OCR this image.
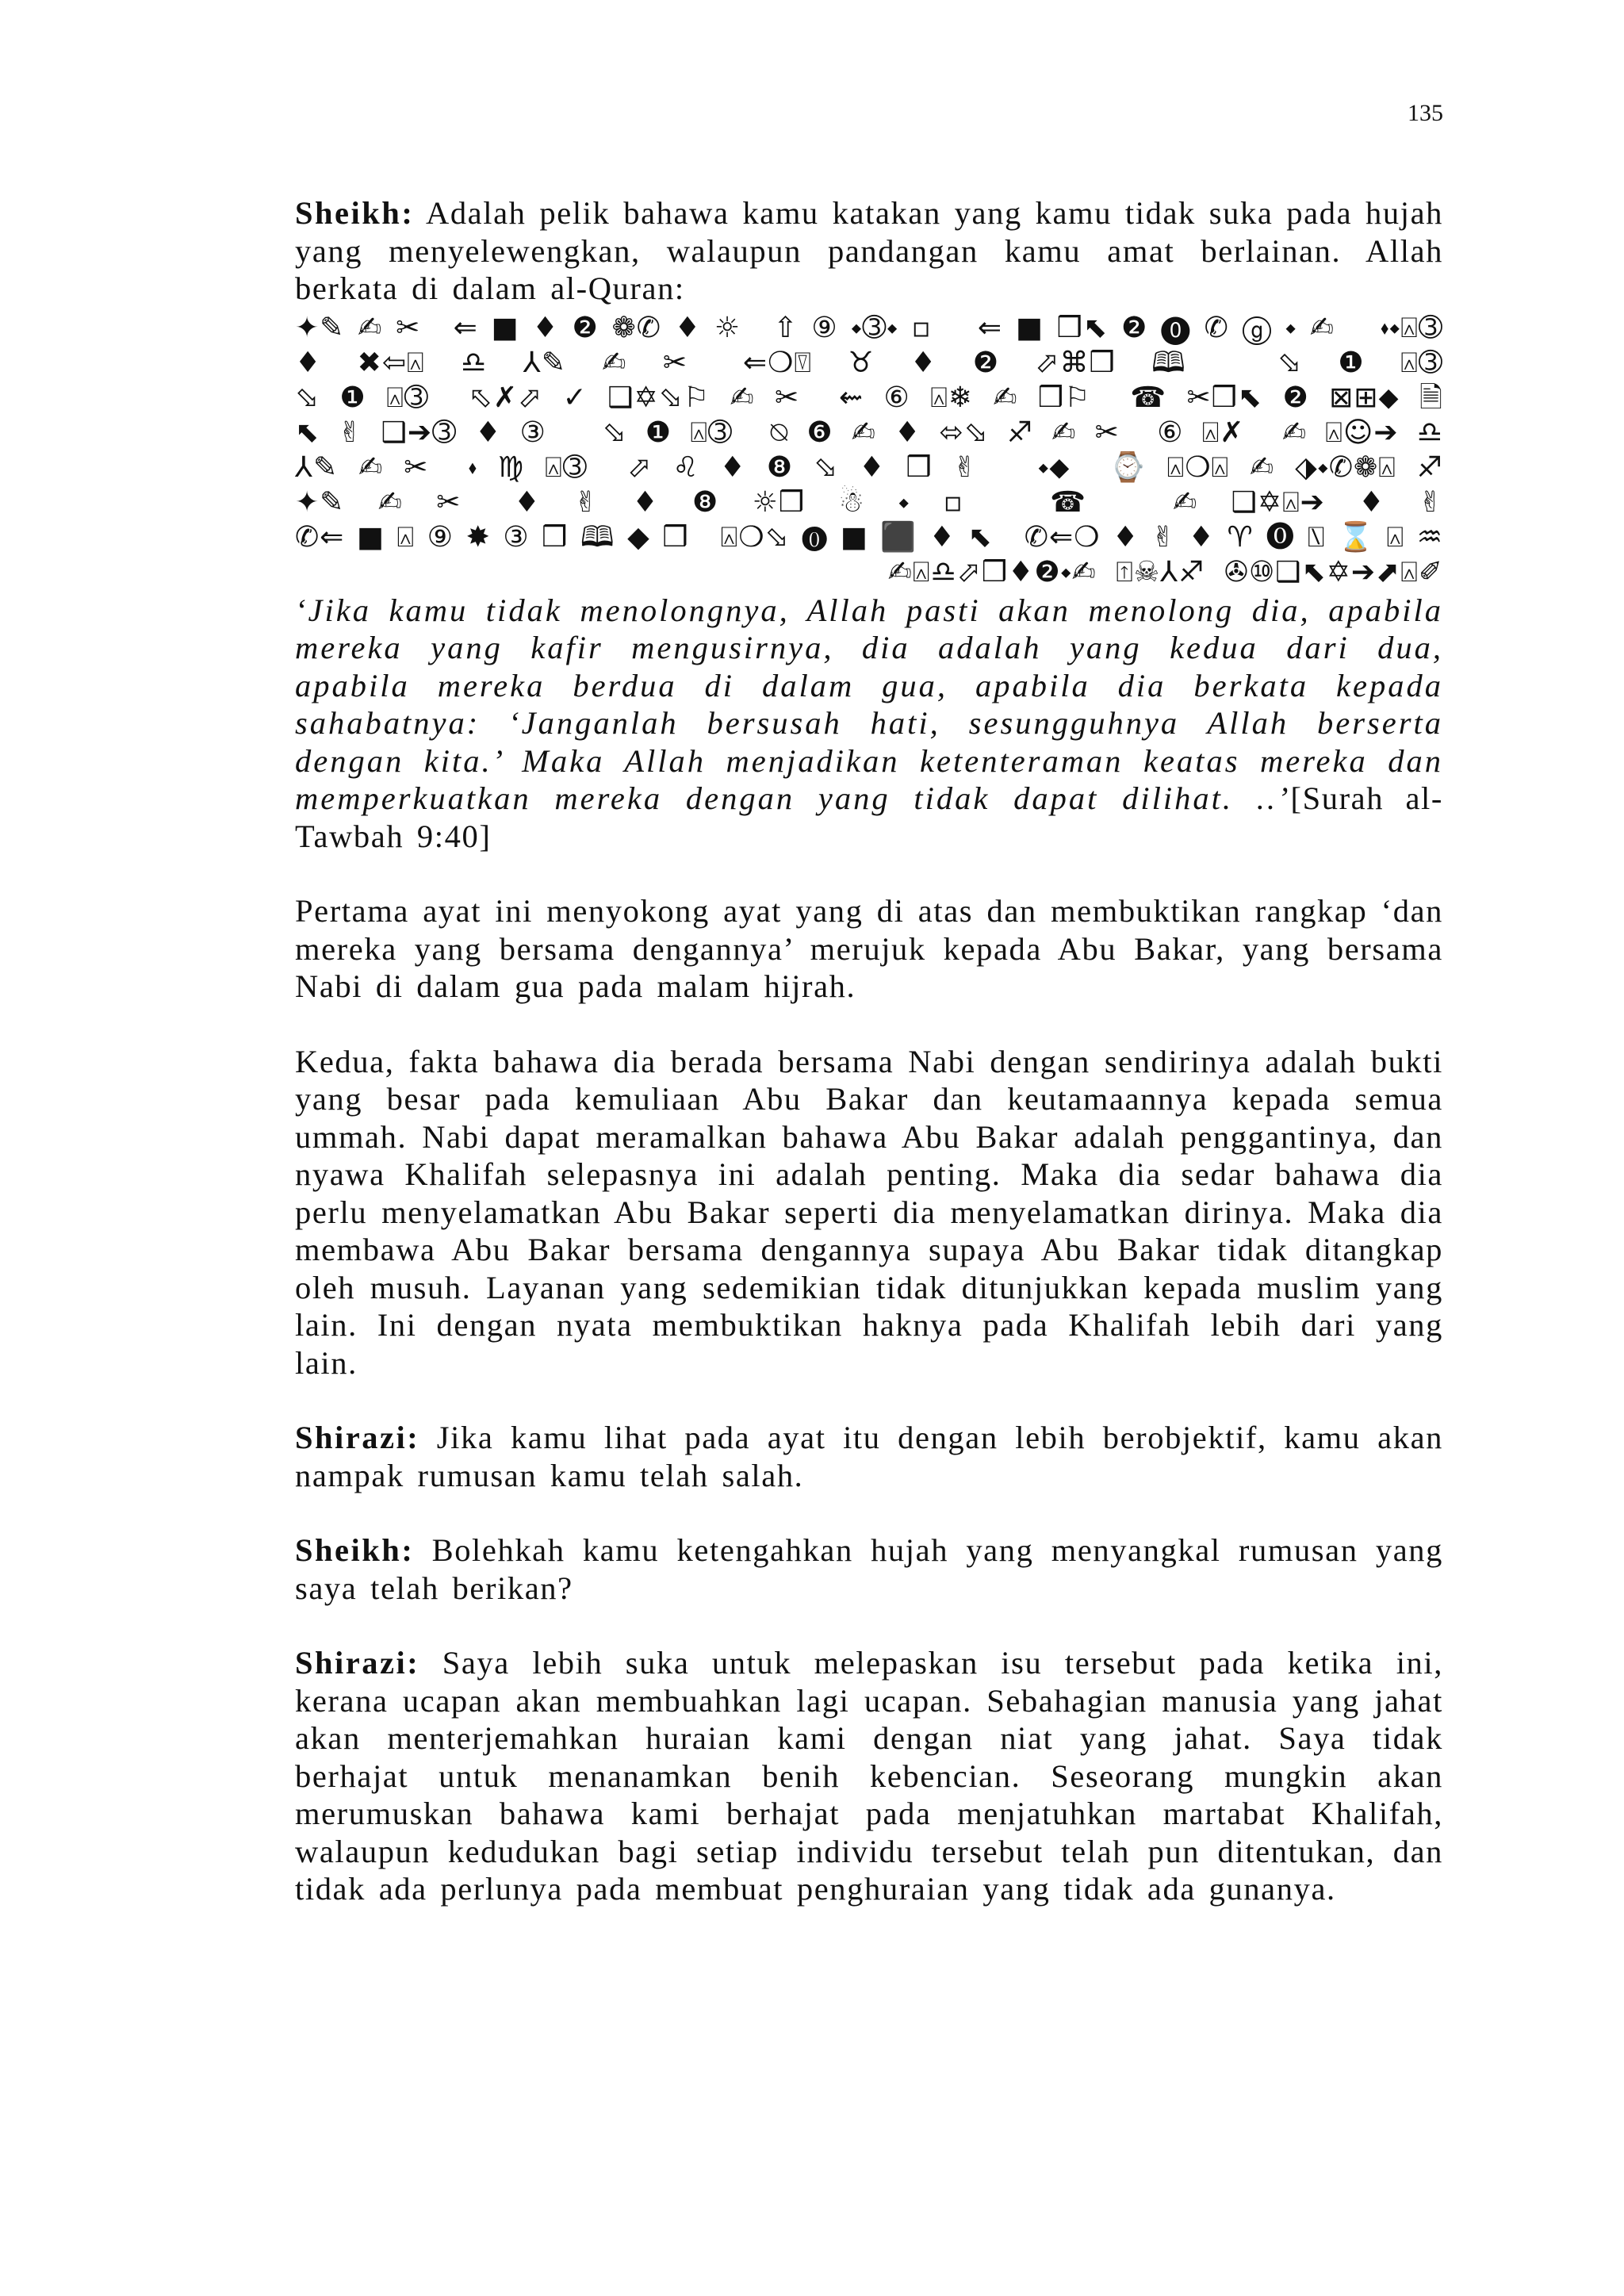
135

Sheikh: Adalah pelik bahawa kamu katakan yang kamu tidak suka pada hujah yang menyelewengkan, walaupun pandangan kamu amat berlainan. Allah berkata di dalam al-Quran:

✦✎✍✂ ⇐■♦❷❁✆♦☼ ⇧⑨⬩➂⬩▫ ⇐■❒⬉❷⓿✆ⓖ⬩✍ ⬪⬩⍓➂
♦✖⇦⍓♎⅄✎✍✂ ⇐❍⍔♉♦❷⬀⌘❒🕮 ⬂❶⍓➂
⬂❶⍓➂ ⬁✗⬀✓❑✡⬂⚐✍✂ ⇜⑥⍓❄✍❒⚐ ☎✂❒⬉❷⊠⊞⬥🗎
⬉✌❑➔➂♦③ ⬂❶⍓➂ ⍉❻✍♦⬄⬂♐✍✂ ⑥⍓✗ ✍⍓☺➔♎
⅄✎✍✂ ⬪♍⍓➂ ⬀♌♦❽⬂♦❒✌ ⬩⬥ ⌚⍓❍⍓✍⬗⬩✆❁⍓♐
✦✎✍✂ ♦✌♦❽☼❒☃⬩▫ ☎ ✍❑✡⍓➔♦✌
✆⇐■⍓⑨✸③❒🕮◆❒ ⍓❍⬂⓿■⬛♦⬉ ✆⇐❍♦✌♦♈⓿⍂⌛⍓♒
✍⍓♎⬀❒♦❷⬩✍ ⍐☠⅄♐ ✇⑩❑⬉✡➔⬈⍓✐

‘Jika kamu tidak menolongnya, Allah pasti akan menolong dia, apabila mereka yang kafir mengusirnya, dia adalah yang kedua dari dua, apabila mereka berdua di dalam gua, apabila dia berkata kepada sahabatnya: ‘Janganlah bersusah hati, sesungguhnya Allah berserta dengan kita.’ Maka Allah menjadikan ketenteraman keatas mereka dan memperkuatkan mereka dengan yang tidak dapat dilihat. ..’[Surah al-Tawbah 9:40]

Pertama ayat ini menyokong ayat yang di atas dan membuktikan rangkap ‘dan mereka yang bersama dengannya’ merujuk kepada Abu Bakar, yang bersama Nabi di dalam gua pada malam hijrah.

Kedua, fakta bahawa dia berada bersama Nabi dengan sendirinya adalah bukti yang besar pada kemuliaan Abu Bakar dan keutamaannya kepada semua ummah. Nabi dapat meramalkan bahawa Abu Bakar adalah penggantinya, dan nyawa Khalifah selepasnya ini adalah penting. Maka dia sedar bahawa dia perlu menyelamatkan Abu Bakar seperti dia menyelamatkan dirinya. Maka dia membawa Abu Bakar bersama dengannya supaya Abu Bakar tidak ditangkap oleh musuh. Layanan yang sedemikian tidak ditunjukkan kepada muslim yang lain. Ini dengan nyata membuktikan haknya pada Khalifah lebih dari yang lain.

Shirazi: Jika kamu lihat pada ayat itu dengan lebih berobjektif, kamu akan nampak rumusan kamu telah salah.

Sheikh: Bolehkah kamu ketengahkan hujah yang menyangkal rumusan yang saya telah berikan?

Shirazi: Saya lebih suka untuk melepaskan isu tersebut pada ketika ini, kerana ucapan akan membuahkan lagi ucapan. Sebahagian manusia yang jahat akan menterjemahkan huraian kami dengan niat yang jahat. Saya tidak berhajat untuk menanamkan benih kebencian. Seseorang mungkin akan merumuskan bahawa kami berhajat pada menjatuhkan martabat Khalifah, walaupun kedudukan bagi setiap individu tersebut telah pun ditentukan, dan tidak ada perlunya pada membuat penghuraian yang tidak ada gunanya.
